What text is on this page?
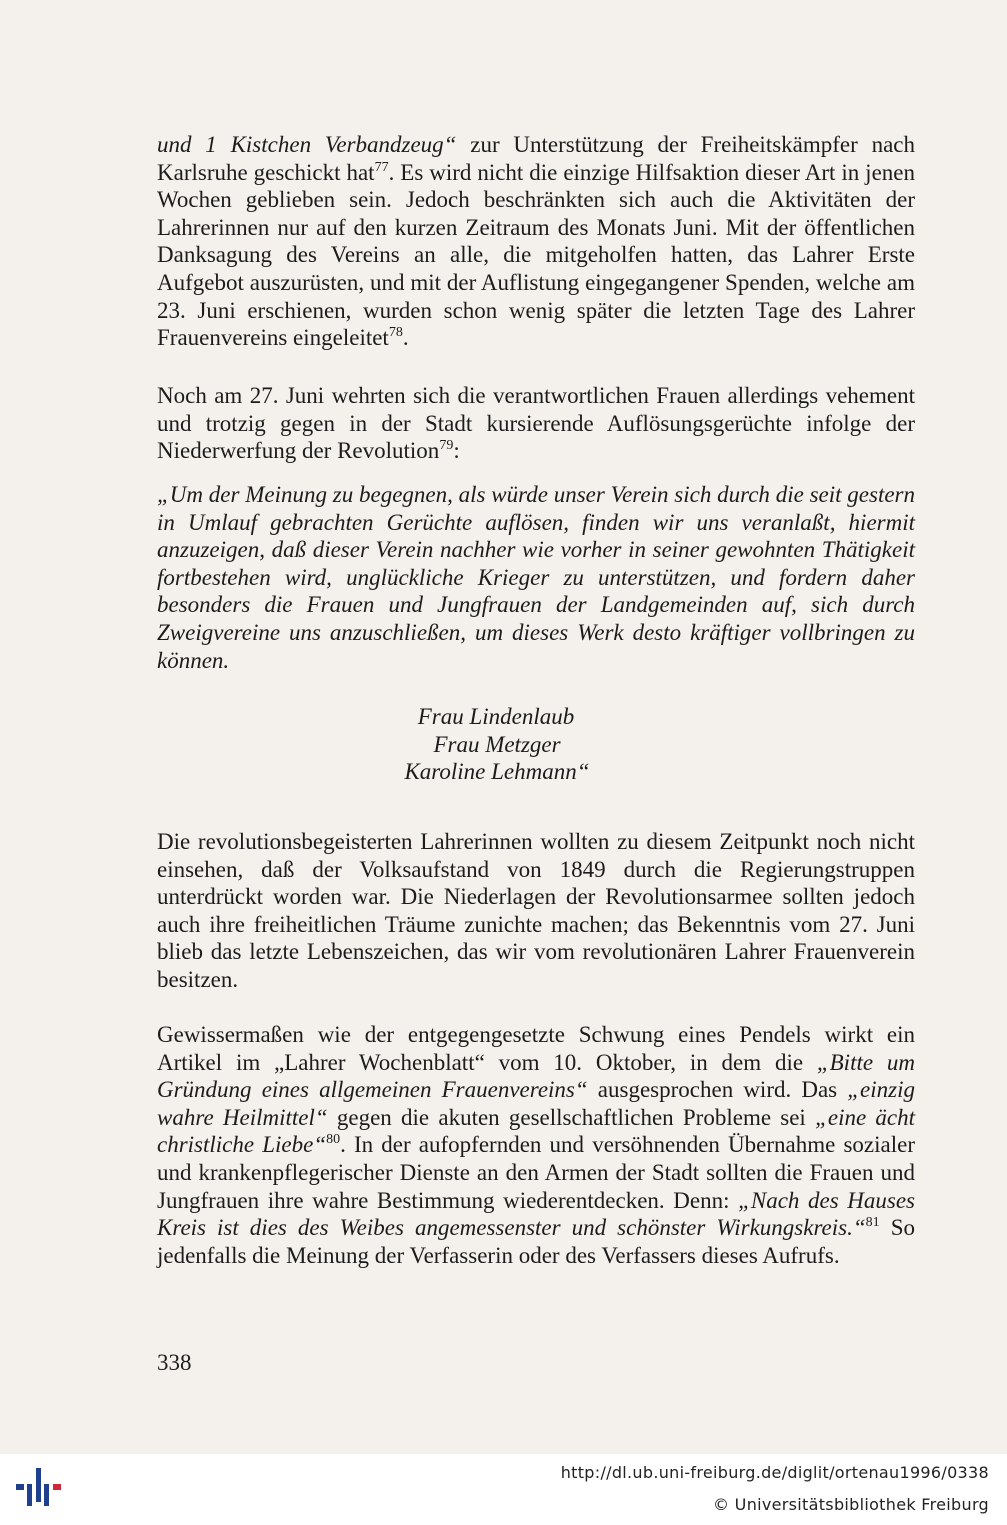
und 1 Kistchen Verbandzeug“ zur Unterstützung der Freiheitskämpfer nach Karlsruhe geschickt hat$^{77}$. Es wird nicht die einzige Hilfsaktion dieser Art in jenen Wochen geblieben sein. Jedoch beschränkten sich auch die Aktivitäten der Lahrerinnen nur auf den kurzen Zeitraum des Monats Juni. Mit der öffentlichen Danksagung des Vereins an alle, die mitgeholfen hatten, das Lahrer Erste Aufgebot auszurüsten, und mit der Auflistung eingegangener Spenden, welche am 23. Juni erschienen, wurden schon wenig später die letzten Tage des Lahrer Frauenvereins eingeleitet$^{78}$.

Noch am 27. Juni wehrten sich die verantwortlichen Frauen allerdings vehement und trotzig gegen in der Stadt kursierende Auflösungsgerüchte infolge der Niederwerfung der Revolution$^{79}$:

„Um der Meinung zu begegnen, als würde unser Verein sich durch die seit gestern in Umlauf gebrachten Gerüchte auflösen, finden wir uns veranlaßt, hiermit anzuzeigen, daß dieser Verein nachher wie vorher in seiner gewohnten Thätigkeit fortbestehen wird, unglückliche Krieger zu unterstützen, und fordern daher besonders die Frauen und Jungfrauen der Landgemeinden auf, sich durch Zweigvereine uns anzuschließen, um dieses Werk desto kräftiger vollbringen zu können.

Frau Lindenlaub
Frau Metzger
Karoline Lehmann“

Die revolutionsbegeisterten Lahrerinnen wollten zu diesem Zeitpunkt noch nicht einsehen, daß der Volksaufstand von 1849 durch die Regierungstruppen unterdrückt worden war. Die Niederlagen der Revolutionsarmee sollten jedoch auch ihre freiheitlichen Träume zunichte machen; das Bekenntnis vom 27. Juni blieb das letzte Lebenszeichen, das wir vom revolutionären Lahrer Frauenverein besitzen.

Gewissermaßen wie der entgegengesetzte Schwung eines Pendels wirkt ein Artikel im „Lahrer Wochenblatt“ vom 10. Oktober, in dem die „Bitte um Gründung eines allgemeinen Frauenvereins“ ausgesprochen wird. Das „einzig wahre Heilmittel“ gegen die akuten gesellschaftlichen Probleme sei „eine ächt christliche Liebe“$^{80}$. In der aufopfernden und versöhnenden Übernahme sozialer und krankenpflegerischer Dienste an den Armen der Stadt sollten die Frauen und Jungfrauen ihre wahre Bestimmung wiederentdecken. Denn: „Nach des Hauses Kreis ist dies des Weibes angemessenster und schönster Wirkungskreis.“$^{81}$ So jedenfalls die Meinung der Verfasserin oder des Verfassers dieses Aufrufs.

338
http://dl.ub.uni-freiburg.de/diglit/ortenau1996/0338
© Universitätsbibliothek Freiburg
